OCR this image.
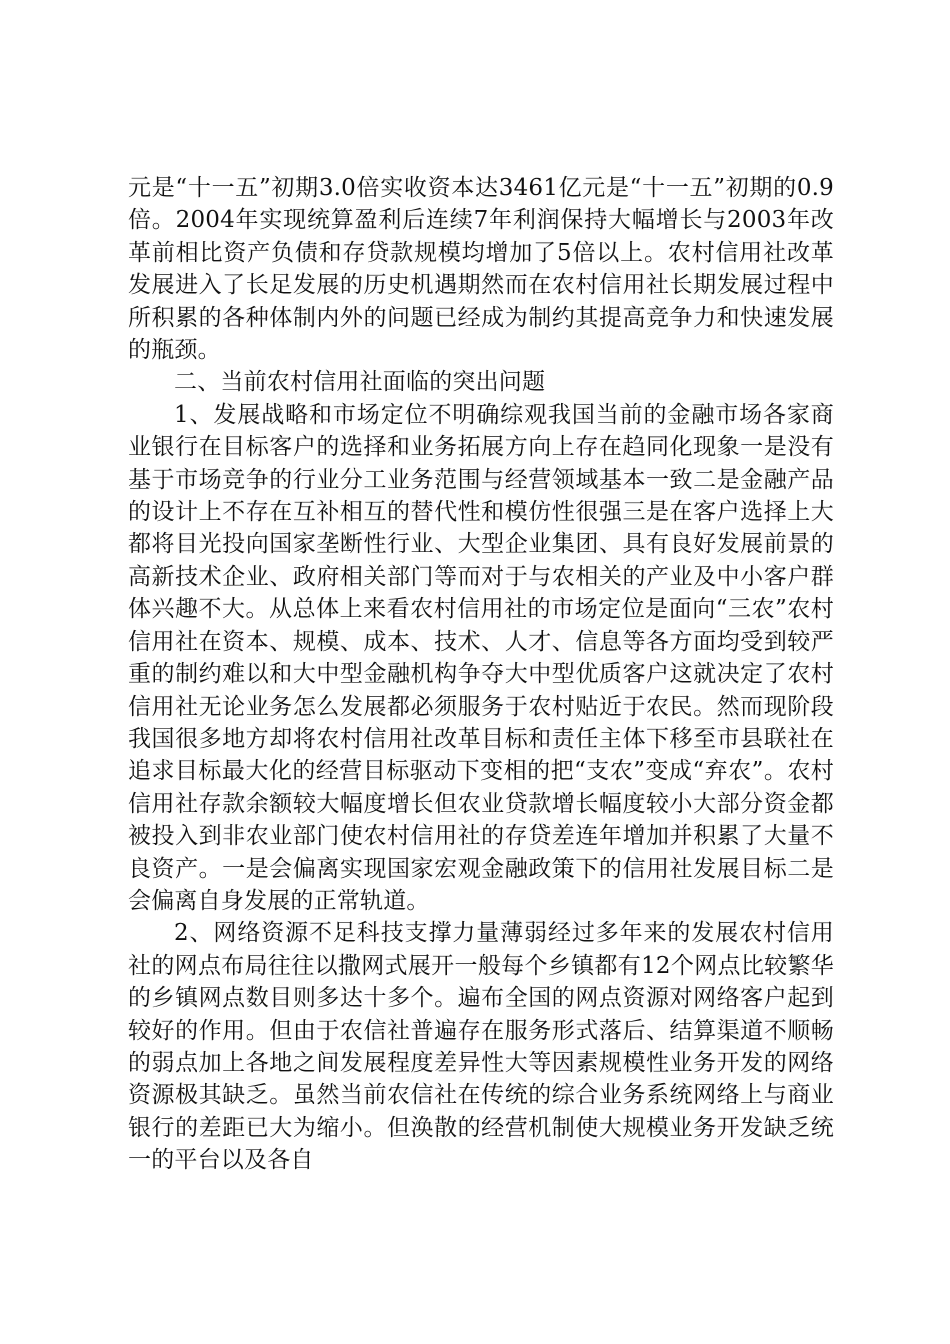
元是“十一五”初期3.0倍实收资本达3461亿元是“十一五”初期的0.9倍。2004年实现统算盈利后连续7年利润保持大幅增长与2003年改革前相比资产负债和存贷款规模均增加了5倍以上。农村信用社改革发展进入了长足发展的历史机遇期然而在农村信用社长期发展过程中所积累的各种体制内外的问题已经成为制约其提高竞争力和快速发展的瓶颈。

二、当前农村信用社面临的突出问题

1、发展战略和市场定位不明确综观我国当前的金融市场各家商业银行在目标客户的选择和业务拓展方向上存在趋同化现象一是没有基于市场竞争的行业分工业务范围与经营领域基本一致二是金融产品的设计上不存在互补相互的替代性和模仿性很强三是在客户选择上大都将目光投向国家垄断性行业、大型企业集团、具有良好发展前景的高新技术企业、政府相关部门等而对于与农相关的产业及中小客户群体兴趣不大。从总体上来看农村信用社的市场定位是面向“三农”农村信用社在资本、规模、成本、技术、人才、信息等各方面均受到较严重的制约难以和大中型金融机构争夺大中型优质客户这就决定了农村信用社无论业务怎么发展都必须服务于农村贴近于农民。然而现阶段我国很多地方却将农村信用社改革目标和责任主体下移至市县联社在追求目标最大化的经营目标驱动下变相的把“支农”变成“弃农”。农村信用社存款余额较大幅度增长但农业贷款增长幅度较小大部分资金都被投入到非农业部门使农村信用社的存贷差连年增加并积累了大量不良资产。一是会偏离实现国家宏观金融政策下的信用社发展目标二是会偏离自身发展的正常轨道。

2、网络资源不足科技支撑力量薄弱经过多年来的发展农村信用社的网点布局往往以撒网式展开一般每个乡镇都有12个网点比较繁华的乡镇网点数目则多达十多个。遍布全国的网点资源对网络客户起到较好的作用。但由于农信社普遍存在服务形式落后、结算渠道不顺畅的弱点加上各地之间发展程度差异性大等因素规模性业务开发的网络资源极其缺乏。虽然当前农信社在传统的综合业务系统网络上与商业银行的差距已大为缩小。但涣散的经营机制使大规模业务开发缺乏统一的平台以及各自
